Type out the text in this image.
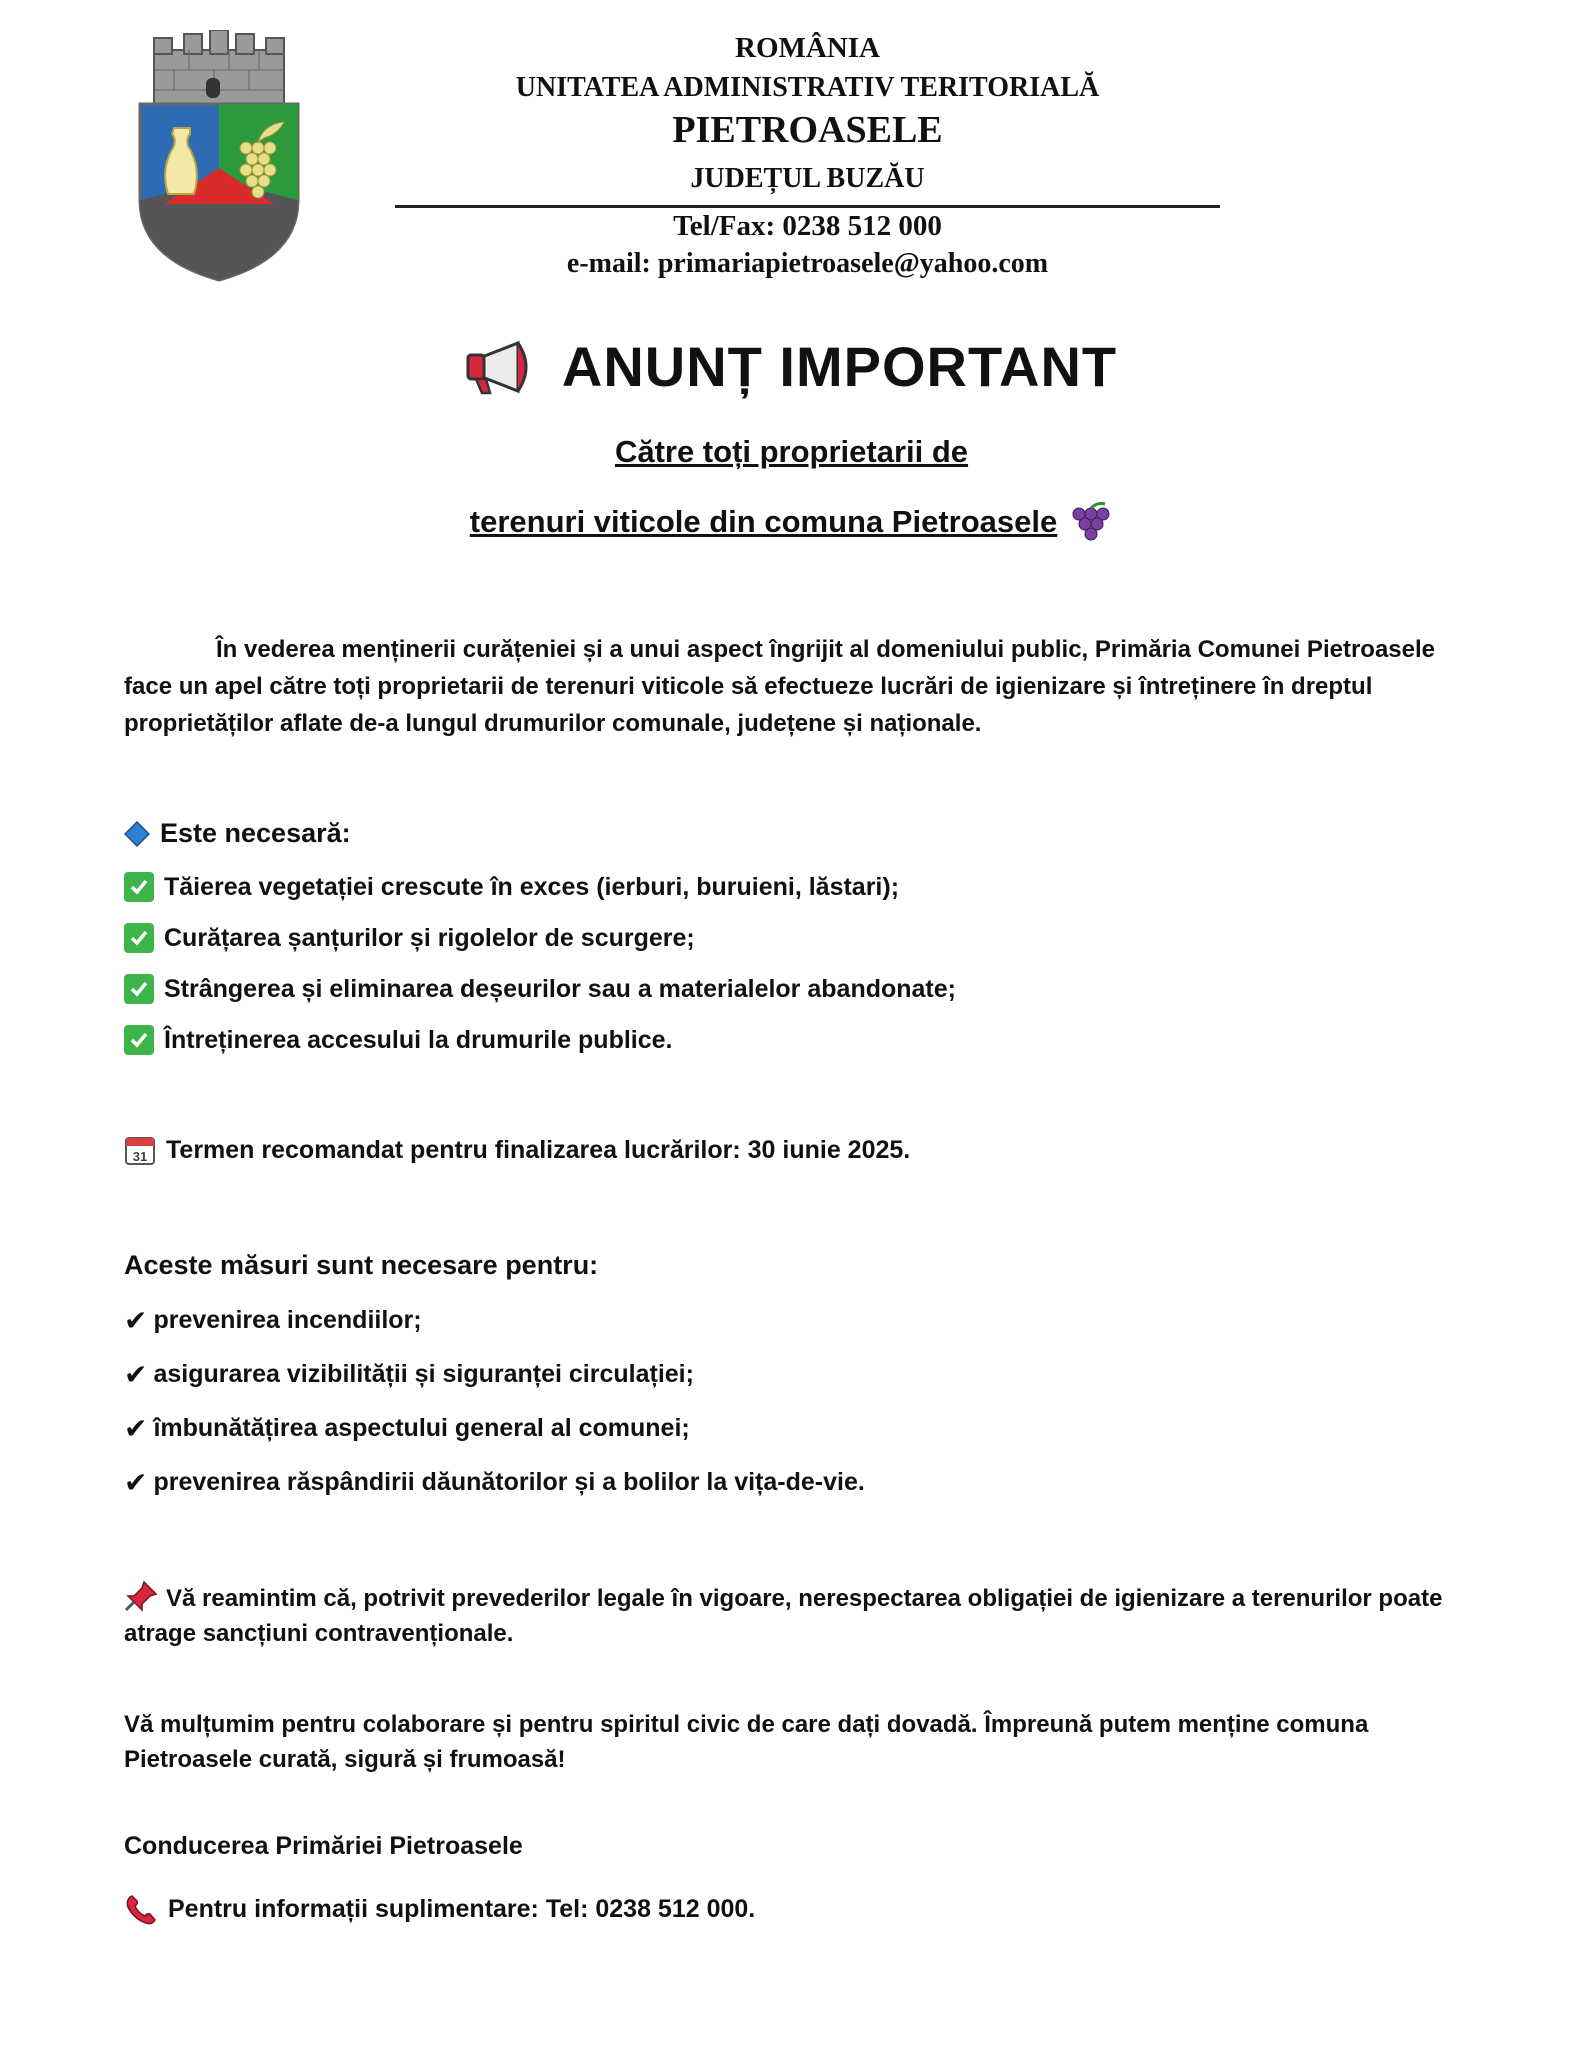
ROMÂNIA
UNITATEA ADMINISTRATIV TERITORIALĂ
PIETROASELE
JUDEȚUL BUZĂU
Tel/Fax: 0238 512 000
e-mail: primariapietroasele@yahoo.com
ANUNȚ IMPORTANT
Către toți proprietarii de
terenuri viticole din comuna Pietroasele
În vederea menținerii curățeniei și a unui aspect îngrijit al domeniului public, Primăria Comunei Pietroasele face un apel către toți proprietarii de terenuri viticole să efectueze lucrări de igienizare și întreținere în dreptul proprietăților aflate de-a lungul drumurilor comunale, județene și naționale.
Este necesară:
Tăierea vegetației crescute în exces (ierburi, buruieni, lăstari);
Curățarea șanțurilor și rigolelor de scurgere;
Strângerea și eliminarea deșeurilor sau a materialelor abandonate;
Întreținerea accesului la drumurile publice.
31 Termen recomandat pentru finalizarea lucrărilor: 30 iunie 2025.
Aceste măsuri sunt necesare pentru:
✔ prevenirea incendiilor;
✔ asigurarea vizibilității și siguranței circulației;
✔ îmbunătățirea aspectului general al comunei;
✔ prevenirea răspândirii dăunătorilor și a bolilor la vița-de-vie.
Vă reamintim că, potrivit prevederilor legale în vigoare, nerespectarea obligației de igienizare a terenurilor poate atrage sancțiuni contravenționale.
Vă mulțumim pentru colaborare și pentru spiritul civic de care dați dovadă. Împreună putem menține comuna Pietroasele curată, sigură și frumoasă!
Conducerea Primăriei Pietroasele
Pentru informații suplimentare: Tel: 0238 512 000.
